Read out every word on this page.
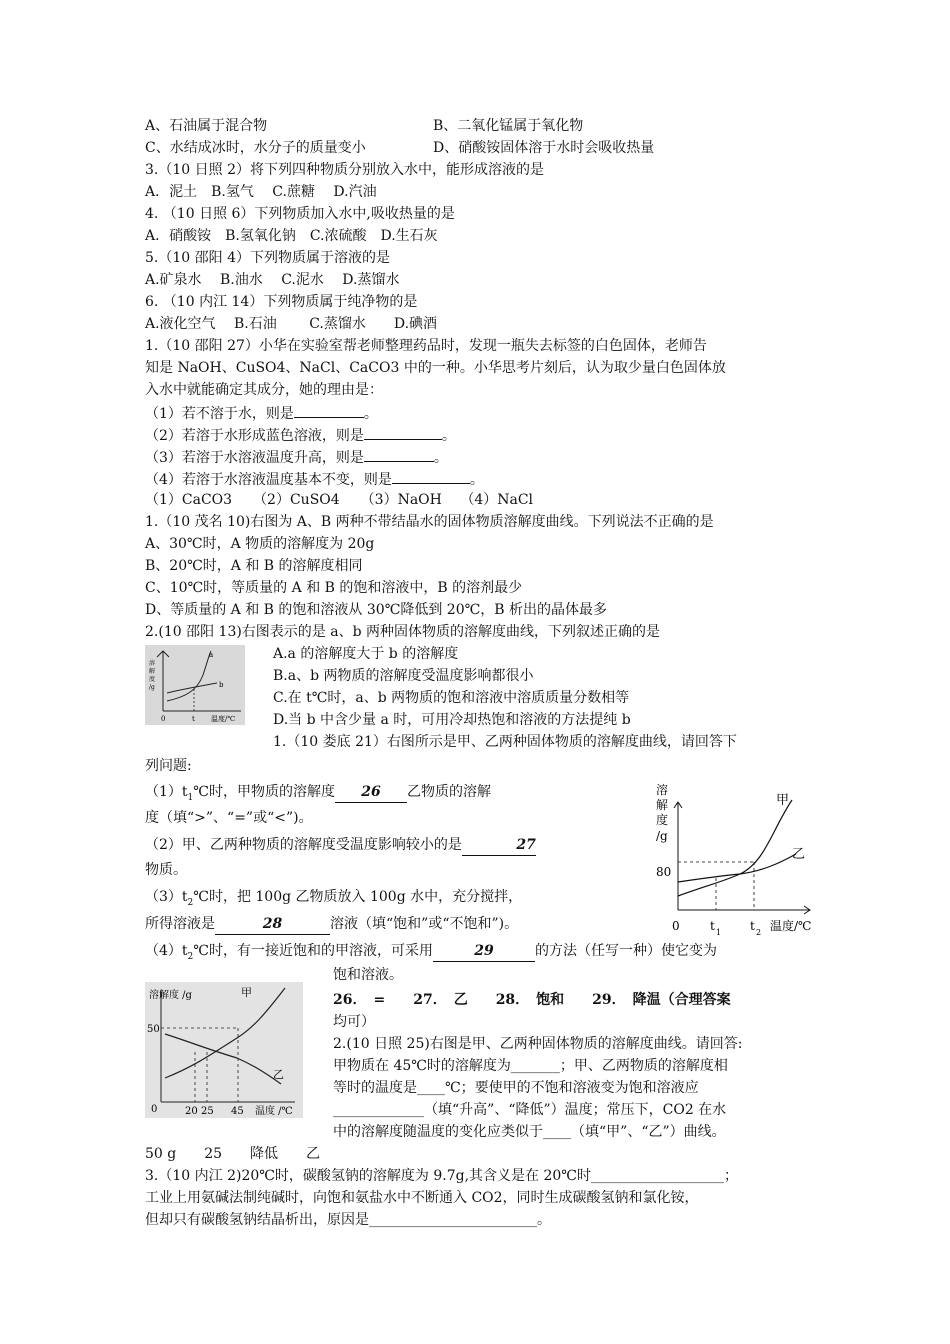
A、石油属于混合物	B、二氧化锰属于氧化物
C、水结成冰时，水分子的质量变小	D、硝酸铵固体溶于水时会吸收热量
3.（10 日照 2）将下列四种物质分别放入水中，能形成溶液的是
A．泥土　B.氢气　 C.蔗糖　 D.汽油
4. （10 日照 6）下列物质加入水中,吸收热量的是
A．硝酸铵　B.氢氧化钠　C.浓硫酸　D.生石灰
5.（10 邵阳 4）下列物质属于溶液的是
A.矿泉水　 B.油水　 C.泥水　 D.蒸馏水
6. （10 内江 14）下列物质属于纯净物的是
A.液化空气　 B.石油　　 C.蒸馏水　　D.碘酒
1.（10 邵阳 27）小华在实验室帮老师整理药品时，发现一瓶失去标签的白色固体，老师告
知是 NaOH、CuSO4、NaCl、CaCO3 中的一种。小华思考片刻后，认为取少量白色固体放
入水中就能确定其成分，她的理由是：
（1）若不溶于水，则是	。
（2）若溶于水形成蓝色溶液，则是	。
（3）若溶于水溶液温度升高，则是	。
（4）若溶于水溶液温度基本不变，则是	。
（1）CaCO3　　（2）CuSO4　　（3）NaOH　 （4）NaCl
1.（10 茂名 10)右图为 A、B 两种不带结晶水的固体物质溶解度曲线。下列说法不正确的是
A、30℃时，A 物质的溶解度为 20g
B、20℃时，A 和 B 的溶解度相同
C、10℃时，等质量的 A 和 B 的饱和溶液中，B 的溶剂最少
D、等质量的 A 和 B 的饱和溶液从 30℃降低到 20℃，B 析出的晶体最多
2.(10 邵阳 13)右图表示的是 a、b 两种固体物质的溶解度曲线，下列叙述正确的是
溶
解
度
/g
a
b
0	t 温度/℃
A.a 的溶解度大于 b 的溶解度
B.a、b 两物质的溶解度受温度影响都很小
C.在 t℃时，a、b 两物质的饱和溶液中溶质质量分数相等
D.当 b 中含少量 a 时，可用冷却热饱和溶液的方法提纯 b
1.（10 娄底 21）右图所示是甲、乙两种固体物质的溶解度曲线，请回答下
列问题:
$(1)t_1℃$时，甲物质的溶解度 26 乙物质的溶解
度（填“>”、“=”或“<”)。
（2）甲、乙两种物质的溶解度受温度影响较小的是	27
物质。
$(3)t_2℃$时，把 100g 乙物质放入 100g 水中，充分搅拌，
所得溶液是	28	溶液（填“饱和”或“不饱和”)。
$(4)t_2℃$时，有一接近饱和的甲溶液，可采用	29	的方法（任写一种）使它变为
饱和溶液。
溶
解
度
/g
80
0	t 1 t 2 温度/℃
甲
乙
溶解度 /g
50
0	20 25 45 温度 /℃
甲
乙
26．　=　　27．　乙　　28．　饱和　　29．　降温（合理答案
均可）
2.(10 日照 25)右图是甲、乙两种固体物质的溶解度曲线。请回答:
甲物质在 45℃时的溶解度为_______；甲、乙两物质的溶解度相
等时的温度是____℃；要使甲的不饱和溶液变为饱和溶液应
_____________（填“升高”、“降低”）温度；常压下，CO2 在水
中的溶解度随温度的变化应类似于____（填“甲”、“乙”）曲线。
50 g　　25　　降低　　乙
3.（10 内江 2)20℃时，碳酸氢钠的溶解度为 9.7g,其含义是在 20℃时___________________；
工业上用氨碱法制纯碱时，向饱和氨盐水中不断通入 CO2，同时生成碳酸氢钠和氯化铵，
但却只有碳酸氢钠结晶析出，原因是________________________。
